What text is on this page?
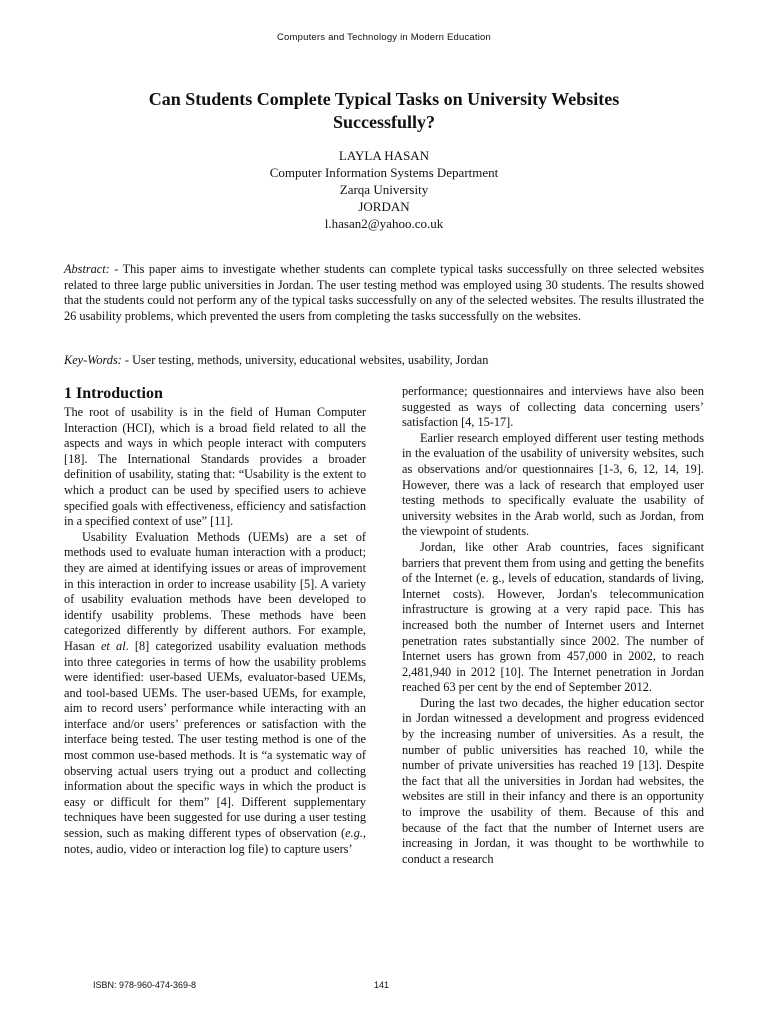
Computers and Technology in Modern Education
Can Students Complete Typical Tasks on University Websites
Successfully?
LAYLA HASAN
Computer Information Systems Department
Zarqa University
JORDAN
l.hasan2@yahoo.co.uk
Abstract: - This paper aims to investigate whether students can complete typical tasks successfully on three selected websites related to three large public universities in Jordan. The user testing method was employed using 30 students. The results showed that the students could not perform any of the typical tasks successfully on any of the selected websites. The results illustrated the 26 usability problems, which prevented the users from completing the tasks successfully on the websites.
Key-Words: - User testing, methods, university, educational websites, usability, Jordan
1 Introduction

The root of usability is in the field of Human Computer Interaction (HCI), which is a broad field related to all the aspects and ways in which people interact with computers [18]. The International Standards provides a broader definition of usability, stating that: “Usability is the extent to which a product can be used by specified users to achieve specified goals with effectiveness, efficiency and satisfaction in a specified context of use” [11].

Usability Evaluation Methods (UEMs) are a set of methods used to evaluate human interaction with a product; they are aimed at identifying issues or areas of improvement in this interaction in order to increase usability [5]. A variety of usability evaluation methods have been developed to identify usability problems. These methods have been categorized differently by different authors. For example, Hasan et al. [8] categorized usability evaluation methods into three categories in terms of how the usability problems were identified: user-based UEMs, evaluator-based UEMs, and tool-based UEMs. The user-based UEMs, for example, aim to record users’ performance while interacting with an interface and/or users’ preferences or satisfaction with the interface being tested. The user testing method is one of the most common use-based methods. It is “a systematic way of observing actual users trying out a product and collecting information about the specific ways in which the product is easy or difficult for them” [4]. Different supplementary techniques have been suggested for use during a user testing session, such as making different types of observation (e.g., notes, audio, video or interaction log file) to capture users’

performance; questionnaires and interviews have also been suggested as ways of collecting data concerning users’ satisfaction [4, 15-17].

Earlier research employed different user testing methods in the evaluation of the usability of university websites, such as observations and/or questionnaires [1-3, 6, 12, 14, 19]. However, there was a lack of research that employed user testing methods to specifically evaluate the usability of university websites in the Arab world, such as Jordan, from the viewpoint of students.

Jordan, like other Arab countries, faces significant barriers that prevent them from using and getting the benefits of the Internet (e. g., levels of education, standards of living, Internet costs). However, Jordan's telecommunication infrastructure is growing at a very rapid pace. This has increased both the number of Internet users and Internet penetration rates substantially since 2002. The number of Internet users has grown from 457,000 in 2002, to reach 2,481,940 in 2012 [10]. The Internet penetration in Jordan reached 63 per cent by the end of September 2012.

During the last two decades, the higher education sector in Jordan witnessed a development and progress evidenced by the increasing number of universities. As a result, the number of public universities has reached 10, while the number of private universities has reached 19 [13]. Despite the fact that all the universities in Jordan had websites, the websites are still in their infancy and there is an opportunity to improve the usability of them. Because of this and because of the fact that the number of Internet users are increasing in Jordan, it was thought to be worthwhile to conduct a research

ISBN: 978-960-474-369-8	141
